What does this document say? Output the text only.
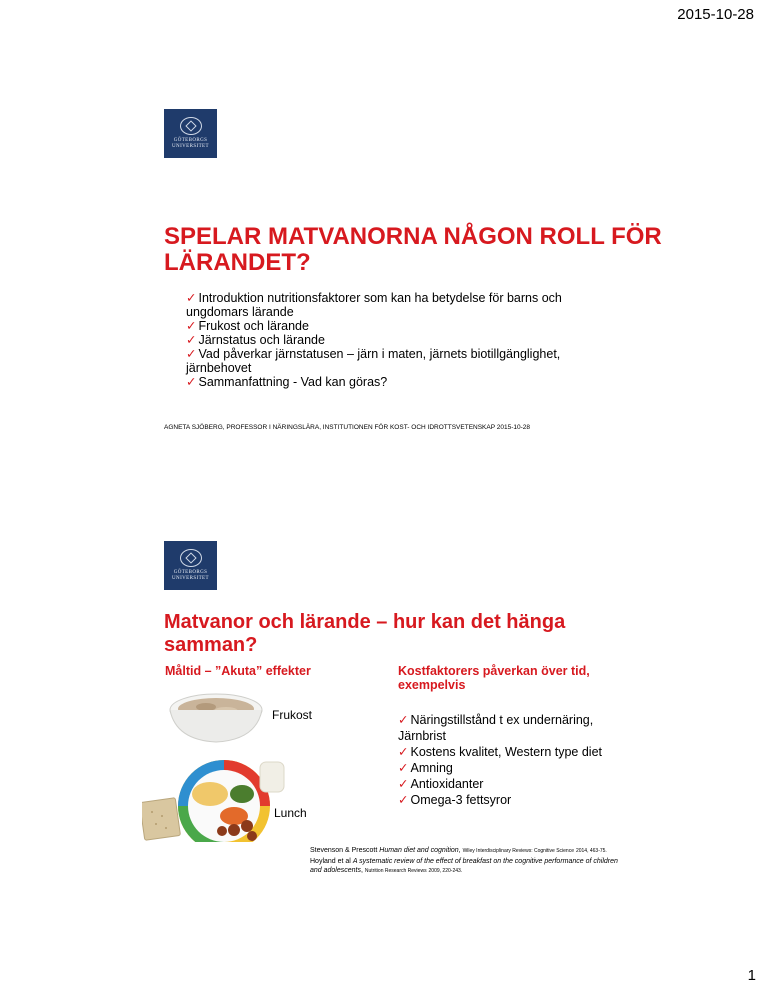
2015-10-28
GÖTEBORGS
UNIVERSITET
SPELAR MATVANORNA NÅGON ROLL FÖR LÄRANDET?
✓ Introduktion nutritionsfaktorer som kan ha betydelse för barns och ungdomars lärande
✓ Frukost och lärande
✓ Järnstatus och lärande
✓ Vad påverkar järnstatusen – järn i maten, järnets biotillgänglighet, järnbehovet
✓ Sammanfattning - Vad kan göras?
AGNETA SJÖBERG, PROFESSOR I NÄRINGSLÄRA, INSTITUTIONEN FÖR KOST- OCH IDROTTSVETENSKAP 2015-10-28
GÖTEBORGS
UNIVERSITET
Matvanor och lärande – hur kan det hänga samman?
Måltid – ”Akuta” effekter	Kostfaktorers påverkan över tid, exempelvis
Frukost
Lunch
✓ Näringstillstånd t ex undernäring, Järnbrist
✓ Kostens kvalitet, Western type diet
✓ Amning
✓ Antioxidanter
✓ Omega-3 fettsyror
Stevenson & Prescott Human diet and cognition, Wiley Interdisciplinary Reviews: Cognitive Science 2014, 463-75.
Hoyland et al A systematic review of the effect of breakfast on the cognitive performance of children and adolescents, Nutrition Research Reviews 2009, 220-243.
1
